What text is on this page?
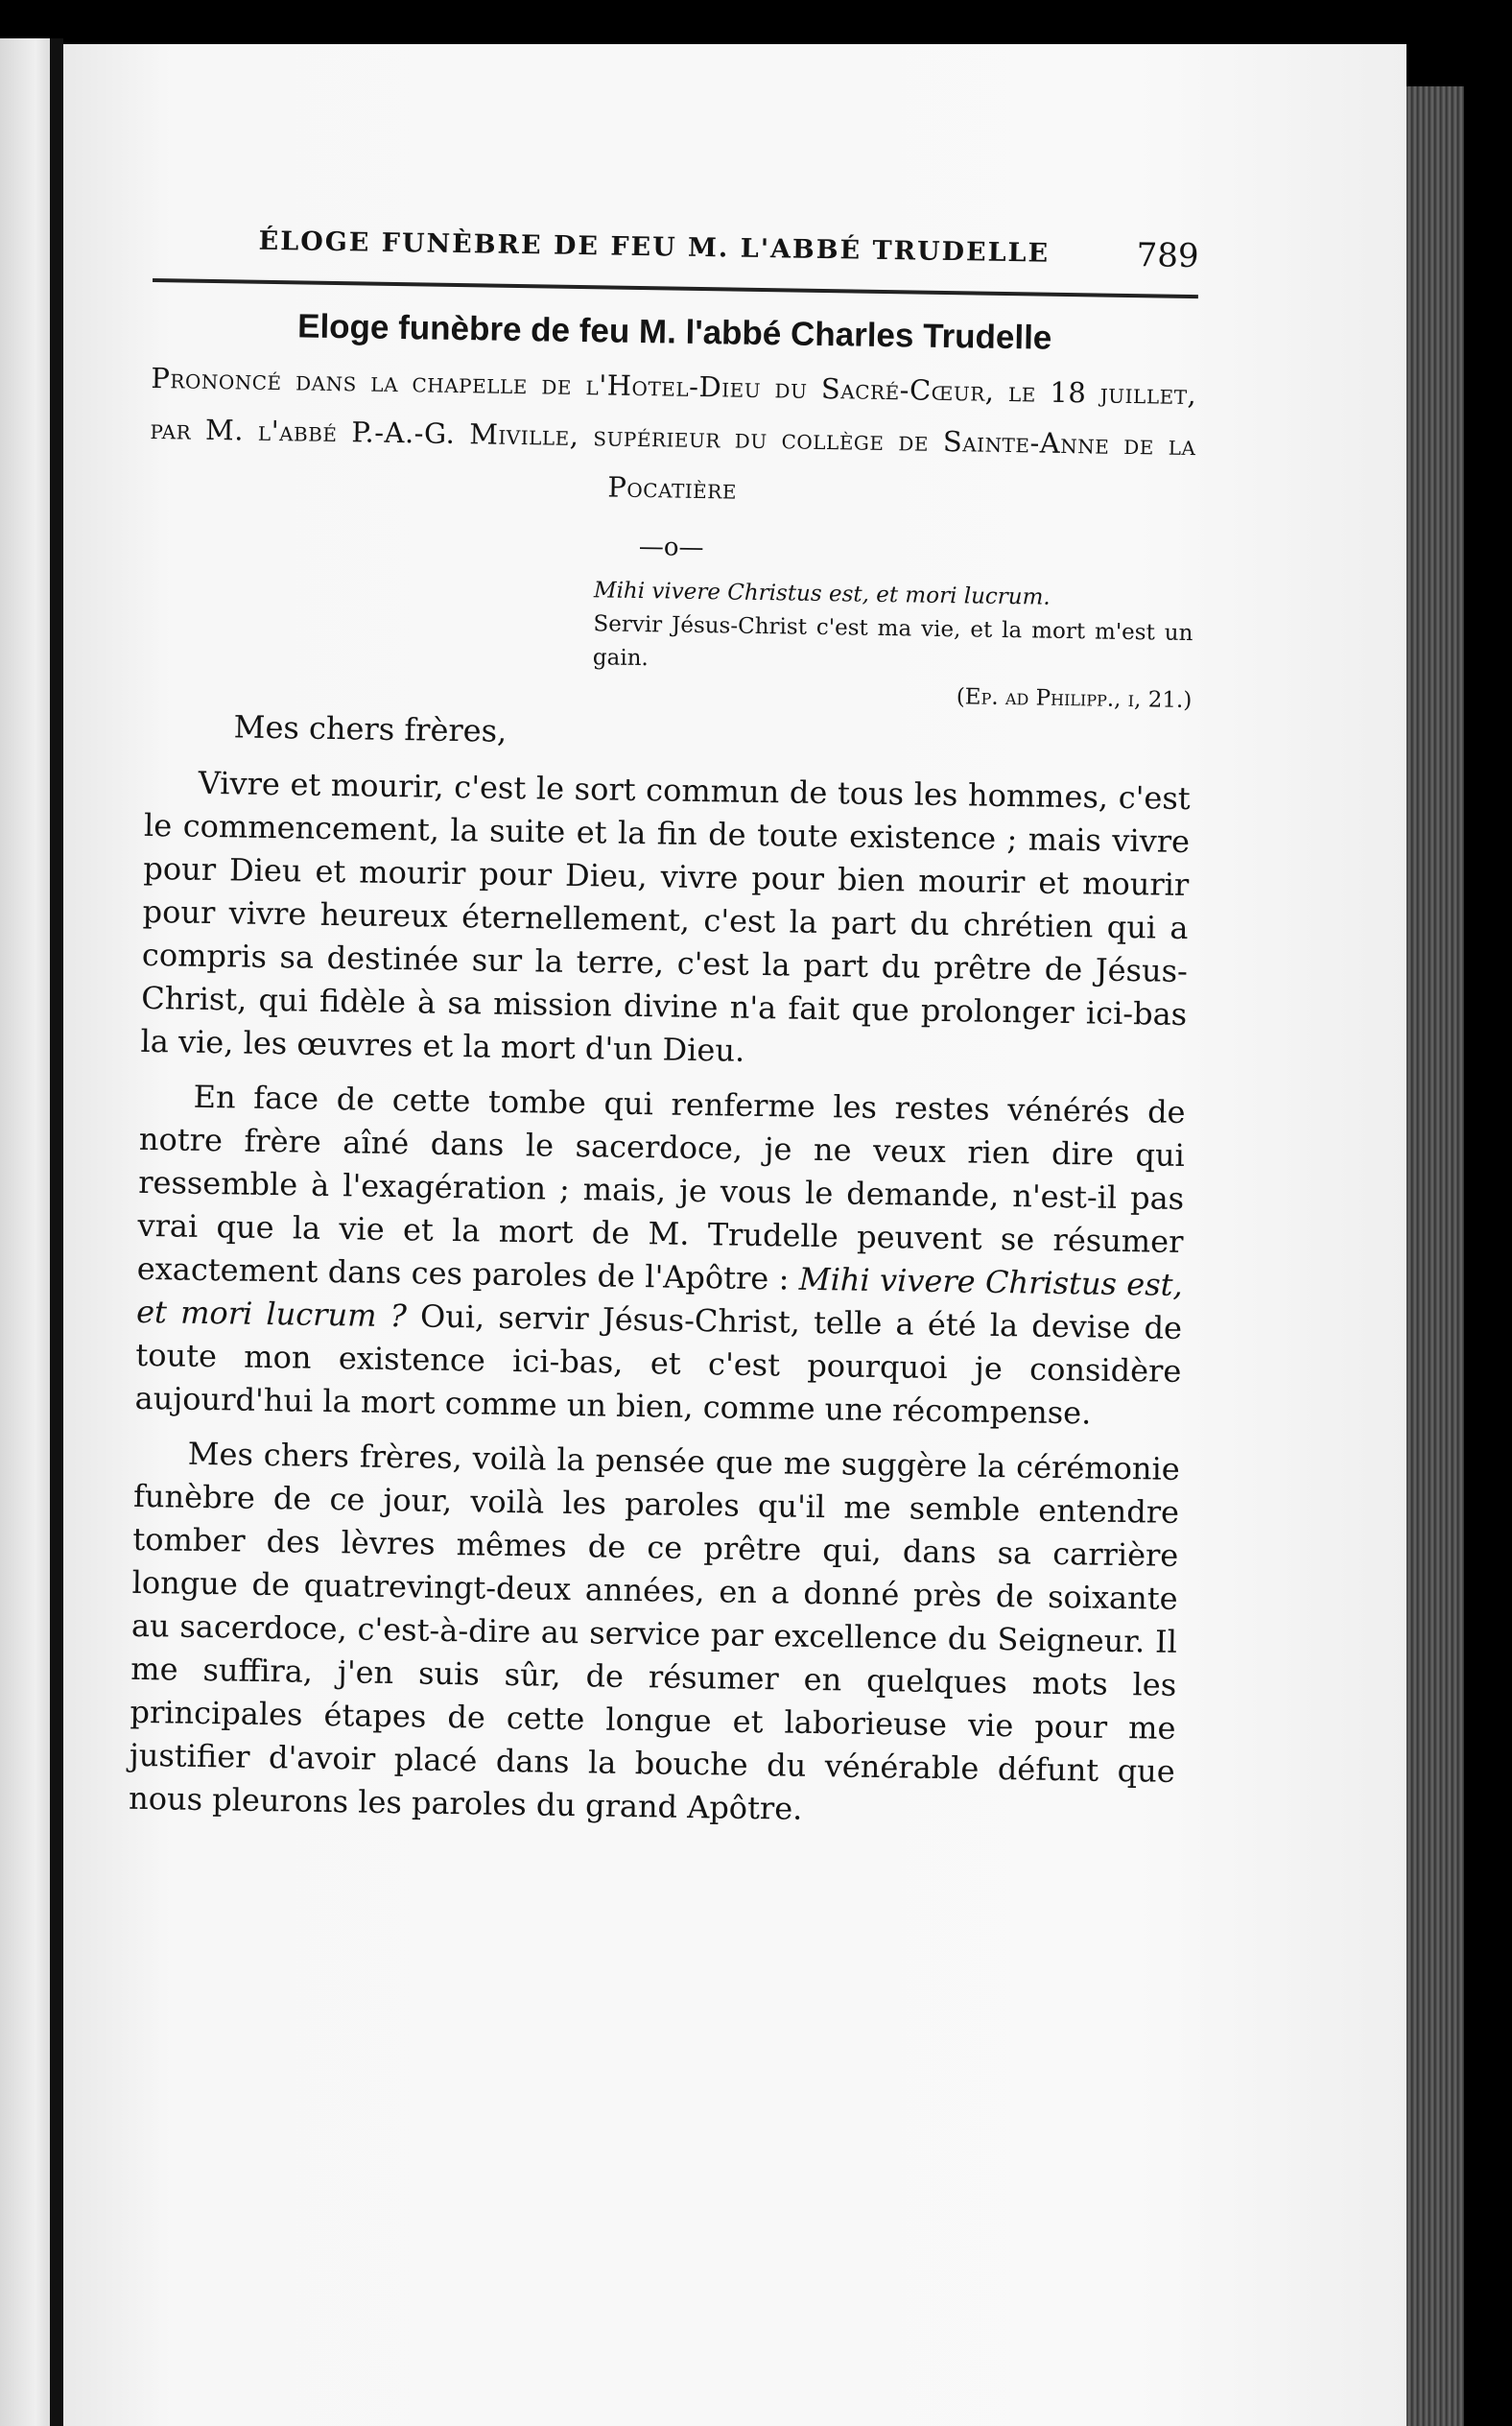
ÉLOGE FUNÈBRE DE FEU M. L'ABBÉ TRUDELLE	789
Eloge funèbre de feu M. l'abbé Charles Trudelle
Prononcé dans la chapelle de l'Hotel-Dieu du Sacré-Cœur, le 18 juillet, par M. l'abbé P.-A.-G. Miville, supérieur du collège de Sainte-Anne de la Pocatière
—o—
Mihi vivere Christus est, et mori lucrum.
Servir Jésus-Christ c'est ma vie, et la mort m'est un gain.
(Ep. ad Philipp., i, 21.)
Mes chers frères,

Vivre et mourir, c'est le sort commun de tous les hommes, c'est le commencement, la suite et la fin de toute existence ; mais vivre pour Dieu et mourir pour Dieu, vivre pour bien mourir et mourir pour vivre heureux éternellement, c'est la part du chrétien qui a compris sa destinée sur la terre, c'est la part du prêtre de Jésus-Christ, qui fidèle à sa mission divine n'a fait que prolonger ici-bas la vie, les œuvres et la mort d'un Dieu.

En face de cette tombe qui renferme les restes vénérés de notre frère aîné dans le sacerdoce, je ne veux rien dire qui ressemble à l'exagération ; mais, je vous le demande, n'est-il pas vrai que la vie et la mort de M. Trudelle peuvent se résumer exactement dans ces paroles de l'Apôtre : Mihi vivere Christus est, et mori lucrum ? Oui, servir Jésus-Christ, telle a été la devise de toute mon existence ici-bas, et c'est pourquoi je considère aujourd'hui la mort comme un bien, comme une récompense.

Mes chers frères, voilà la pensée que me suggère la cérémonie funèbre de ce jour, voilà les paroles qu'il me semble entendre tomber des lèvres mêmes de ce prêtre qui, dans sa carrière longue de quatrevingt-deux années, en a donné près de soixante au sacerdoce, c'est-à-dire au service par excellence du Seigneur. Il me suffira, j'en suis sûr, de résumer en quelques mots les principales étapes de cette longue et laborieuse vie pour me justifier d'avoir placé dans la bouche du vénérable défunt que nous pleurons les paroles du grand Apôtre.
